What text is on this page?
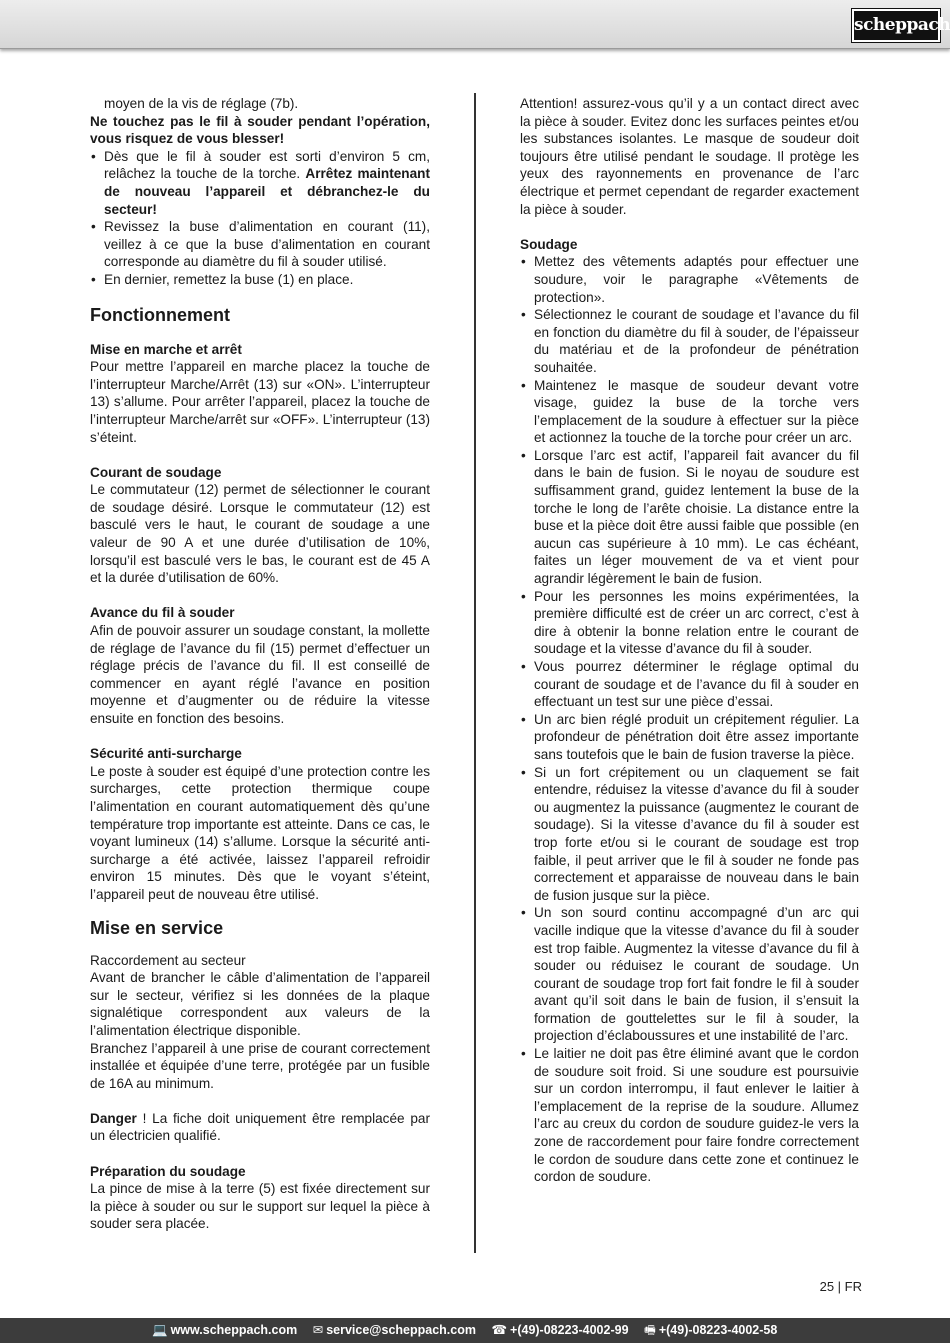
scheppach

moyen de la vis de réglage (7b).

Ne touchez pas le fil à souder pendant l’opération, vous risquez de vous blesser!

• Dès que le fil à souder est sorti d’environ 5 cm, relâchez la touche de la torche. Arrêtez maintenant de nouveau l’appareil et débranchez-le du secteur!
• Revissez la buse d’alimentation en courant (11), veillez à ce que la buse d’alimentation en courant corresponde au diamètre du fil à souder utilisé.
• En dernier, remettez la buse (1) en place.
Fonctionnement
Mise en marche et arrêt

Pour mettre l’appareil en marche placez la touche de l’interrupteur Marche/Arrêt (13) sur «ON». L’interrupteur 13) s’allume. Pour arrêter l’appareil, placez la touche de l’interrupteur Marche/arrêt sur «OFF». L’interrupteur (13) s’éteint.

Courant de soudage

Le commutateur (12) permet de sélectionner le courant de soudage désiré. Lorsque le commutateur (12) est basculé vers le haut, le courant de soudage a une valeur de 90 A et une durée d’utilisation de 10%, lorsqu’il est basculé vers le bas, le courant est de 45 A et la durée d’utilisation de 60%.

Avance du fil à souder

Afin de pouvoir assurer un soudage constant, la mollette de réglage de l’avance du fil (15) permet d’effectuer un réglage précis de l’avance du fil. Il est conseillé de commencer en ayant réglé l’avance en position moyenne et d’augmenter ou de réduire la vitesse ensuite en fonction des besoins.

Sécurité anti-surcharge

Le poste à souder est équipé d’une protection contre les surcharges, cette protection thermique coupe l’alimentation en courant automatiquement dès qu’une température trop importante est atteinte. Dans ce cas, le voyant lumineux (14) s’allume. Lorsque la sécurité anti-surcharge a été activée, laissez l’appareil refroidir environ 15 minutes. Dès que le voyant s’éteint, l’appareil peut de nouveau être utilisé.

Mise en service

Raccordement au secteur

Avant de brancher le câble d’alimentation de l’appareil sur le secteur, vérifiez si les données de la plaque signalétique correspondent aux valeurs de la l’alimentation électrique disponible.

Branchez l’appareil à une prise de courant correctement installée et équipée d’une terre, protégée par un fusible de 16A au minimum.

Danger ! La fiche doit uniquement être remplacée par un électricien qualifié.

Préparation du soudage

La pince de mise à la terre (5) est fixée directement sur la pièce à souder ou sur le support sur lequel la pièce à souder sera placée.

Attention! assurez-vous qu’il y a un contact direct avec la pièce à souder. Evitez donc les surfaces peintes et/ou les substances isolantes. Le masque de soudeur doit toujours être utilisé pendant le soudage. Il protège les yeux des rayonnements en provenance de l’arc électrique et permet cependant de regarder exactement la pièce à souder.

Soudage
• Mettez des vêtements adaptés pour effectuer une soudure, voir le paragraphe «Vêtements de protection».
• Sélectionnez le courant de soudage et l’avance du fil en fonction du diamètre du fil à souder, de l’épaisseur du matériau et de la profondeur de pénétration souhaitée.
• Maintenez le masque de soudeur devant votre visage, guidez la buse de la torche vers l’emplacement de la soudure à effectuer sur la pièce et actionnez la touche de la torche pour créer un arc.
• Lorsque l’arc est actif, l’appareil fait avancer du fil dans le bain de fusion. Si le noyau de soudure est suffisamment grand, guidez lentement la buse de la torche le long de l’arête choisie. La distance entre la buse et la pièce doit être aussi faible que possible (en aucun cas supérieure à 10 mm). Le cas échéant, faites un léger mouvement de va et vient pour agrandir légèrement le bain de fusion.
• Pour les personnes les moins expérimentées, la première difficulté est de créer un arc correct, c’est à dire à obtenir la bonne relation entre le courant de soudage et la vitesse d’avance du fil à souder.
• Vous pourrez déterminer le réglage optimal du courant de soudage et de l’avance du fil à souder en effectuant un test sur une pièce d’essai.
• Un arc bien réglé produit un crépitement régulier. La profondeur de pénétration doit être assez importante sans toutefois que le bain de fusion traverse la pièce.
• Si un fort crépitement ou un claquement se fait entendre, réduisez la vitesse d’avance du fil à souder ou augmentez la puissance (augmentez le courant de soudage). Si la vitesse d’avance du fil à souder est trop forte et/ou si le courant de soudage est trop faible, il peut arriver que le fil à souder ne fonde pas correctement et apparaisse de nouveau dans le bain de fusion jusque sur la pièce.
• Un son sourd continu accompagné d’un arc qui vacille indique que la vitesse d’avance du fil à souder est trop faible. Augmentez la vitesse d’avance du fil à souder ou réduisez le courant de soudage. Un courant de soudage trop fort fait fondre le fil à souder avant qu’il soit dans le bain de fusion, il s’ensuit la formation de gouttelettes sur le fil à souder, la projection d’éclaboussures et une instabilité de l’arc.
• Le laitier ne doit pas être éliminé avant que le cordon de soudure soit froid. Si une soudure est poursuivie sur un cordon interrompu, il faut enlever le laitier à l’emplacement de la reprise de la soudure. Allumez l’arc au creux du cordon de soudure guidez-le vers la zone de raccordement pour faire fondre correctement le cordon de soudure dans cette zone et continuez le cordon de soudure.
25 | FR
💻 www.scheppach.com ✉ service@scheppach.com ☎ +(49)-08223-4002-99 🖷 +(49)-08223-4002-58
